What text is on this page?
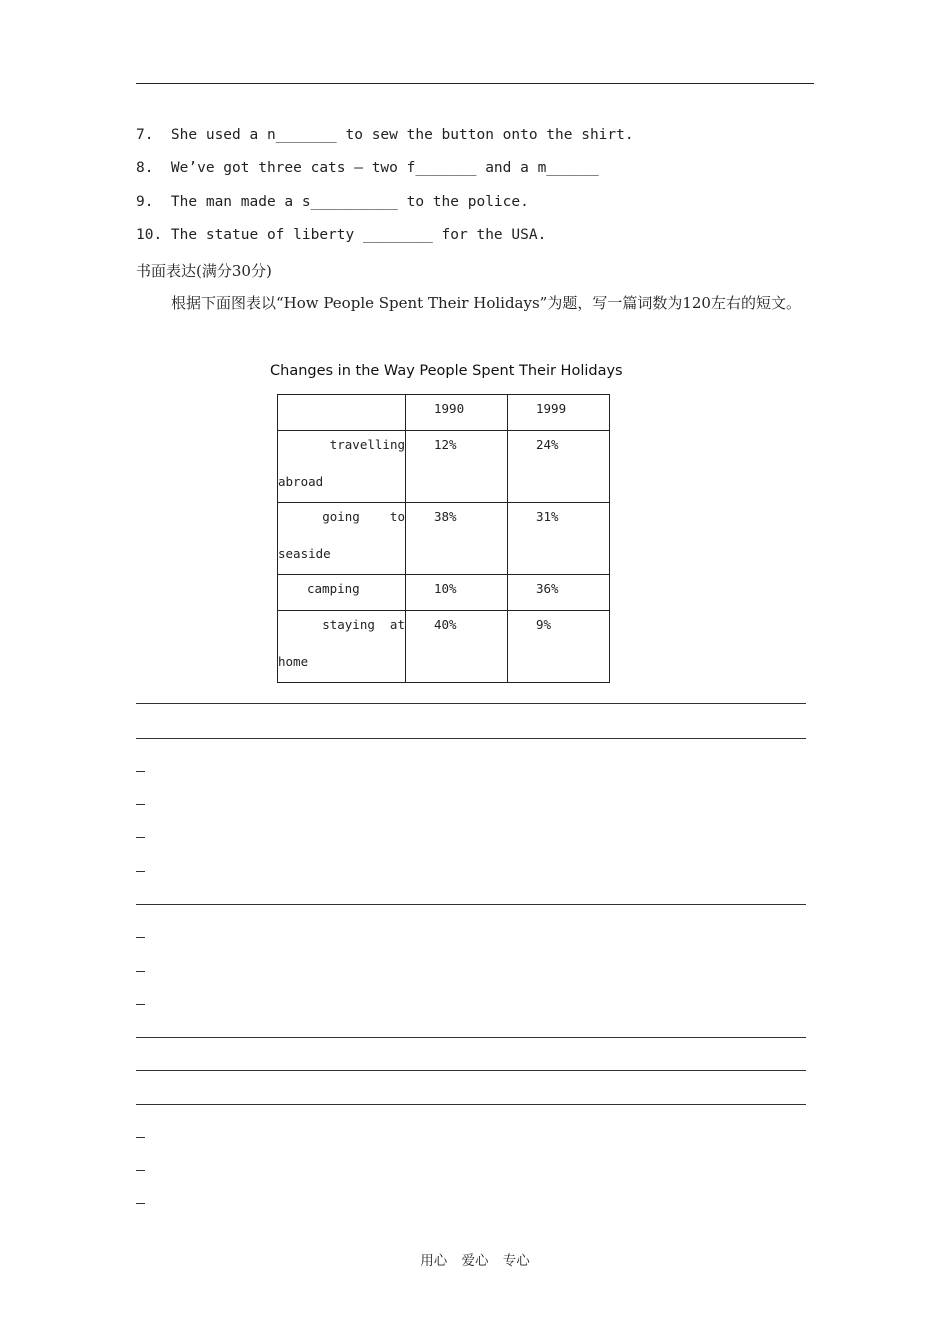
7.  She used a n_______ to sew the button onto the shirt.
8.  We’ve got three cats — two f_______ and a m______
9.  The man made a s__________ to the police.
10. The statue of liberty ________ for the USA.
书面表达(满分30分)
根据下面图表以“How People Spent Their Holidays”为题，写一篇词数为120左右的短文。
Changes in the Way People Spent Their Holidays

	1990	1999

travelling
abroad	12%	24%

going    to
seaside	38%	31%

camping	10%	36%

staying  at
home	40%	9%
用心 爱心 专心
